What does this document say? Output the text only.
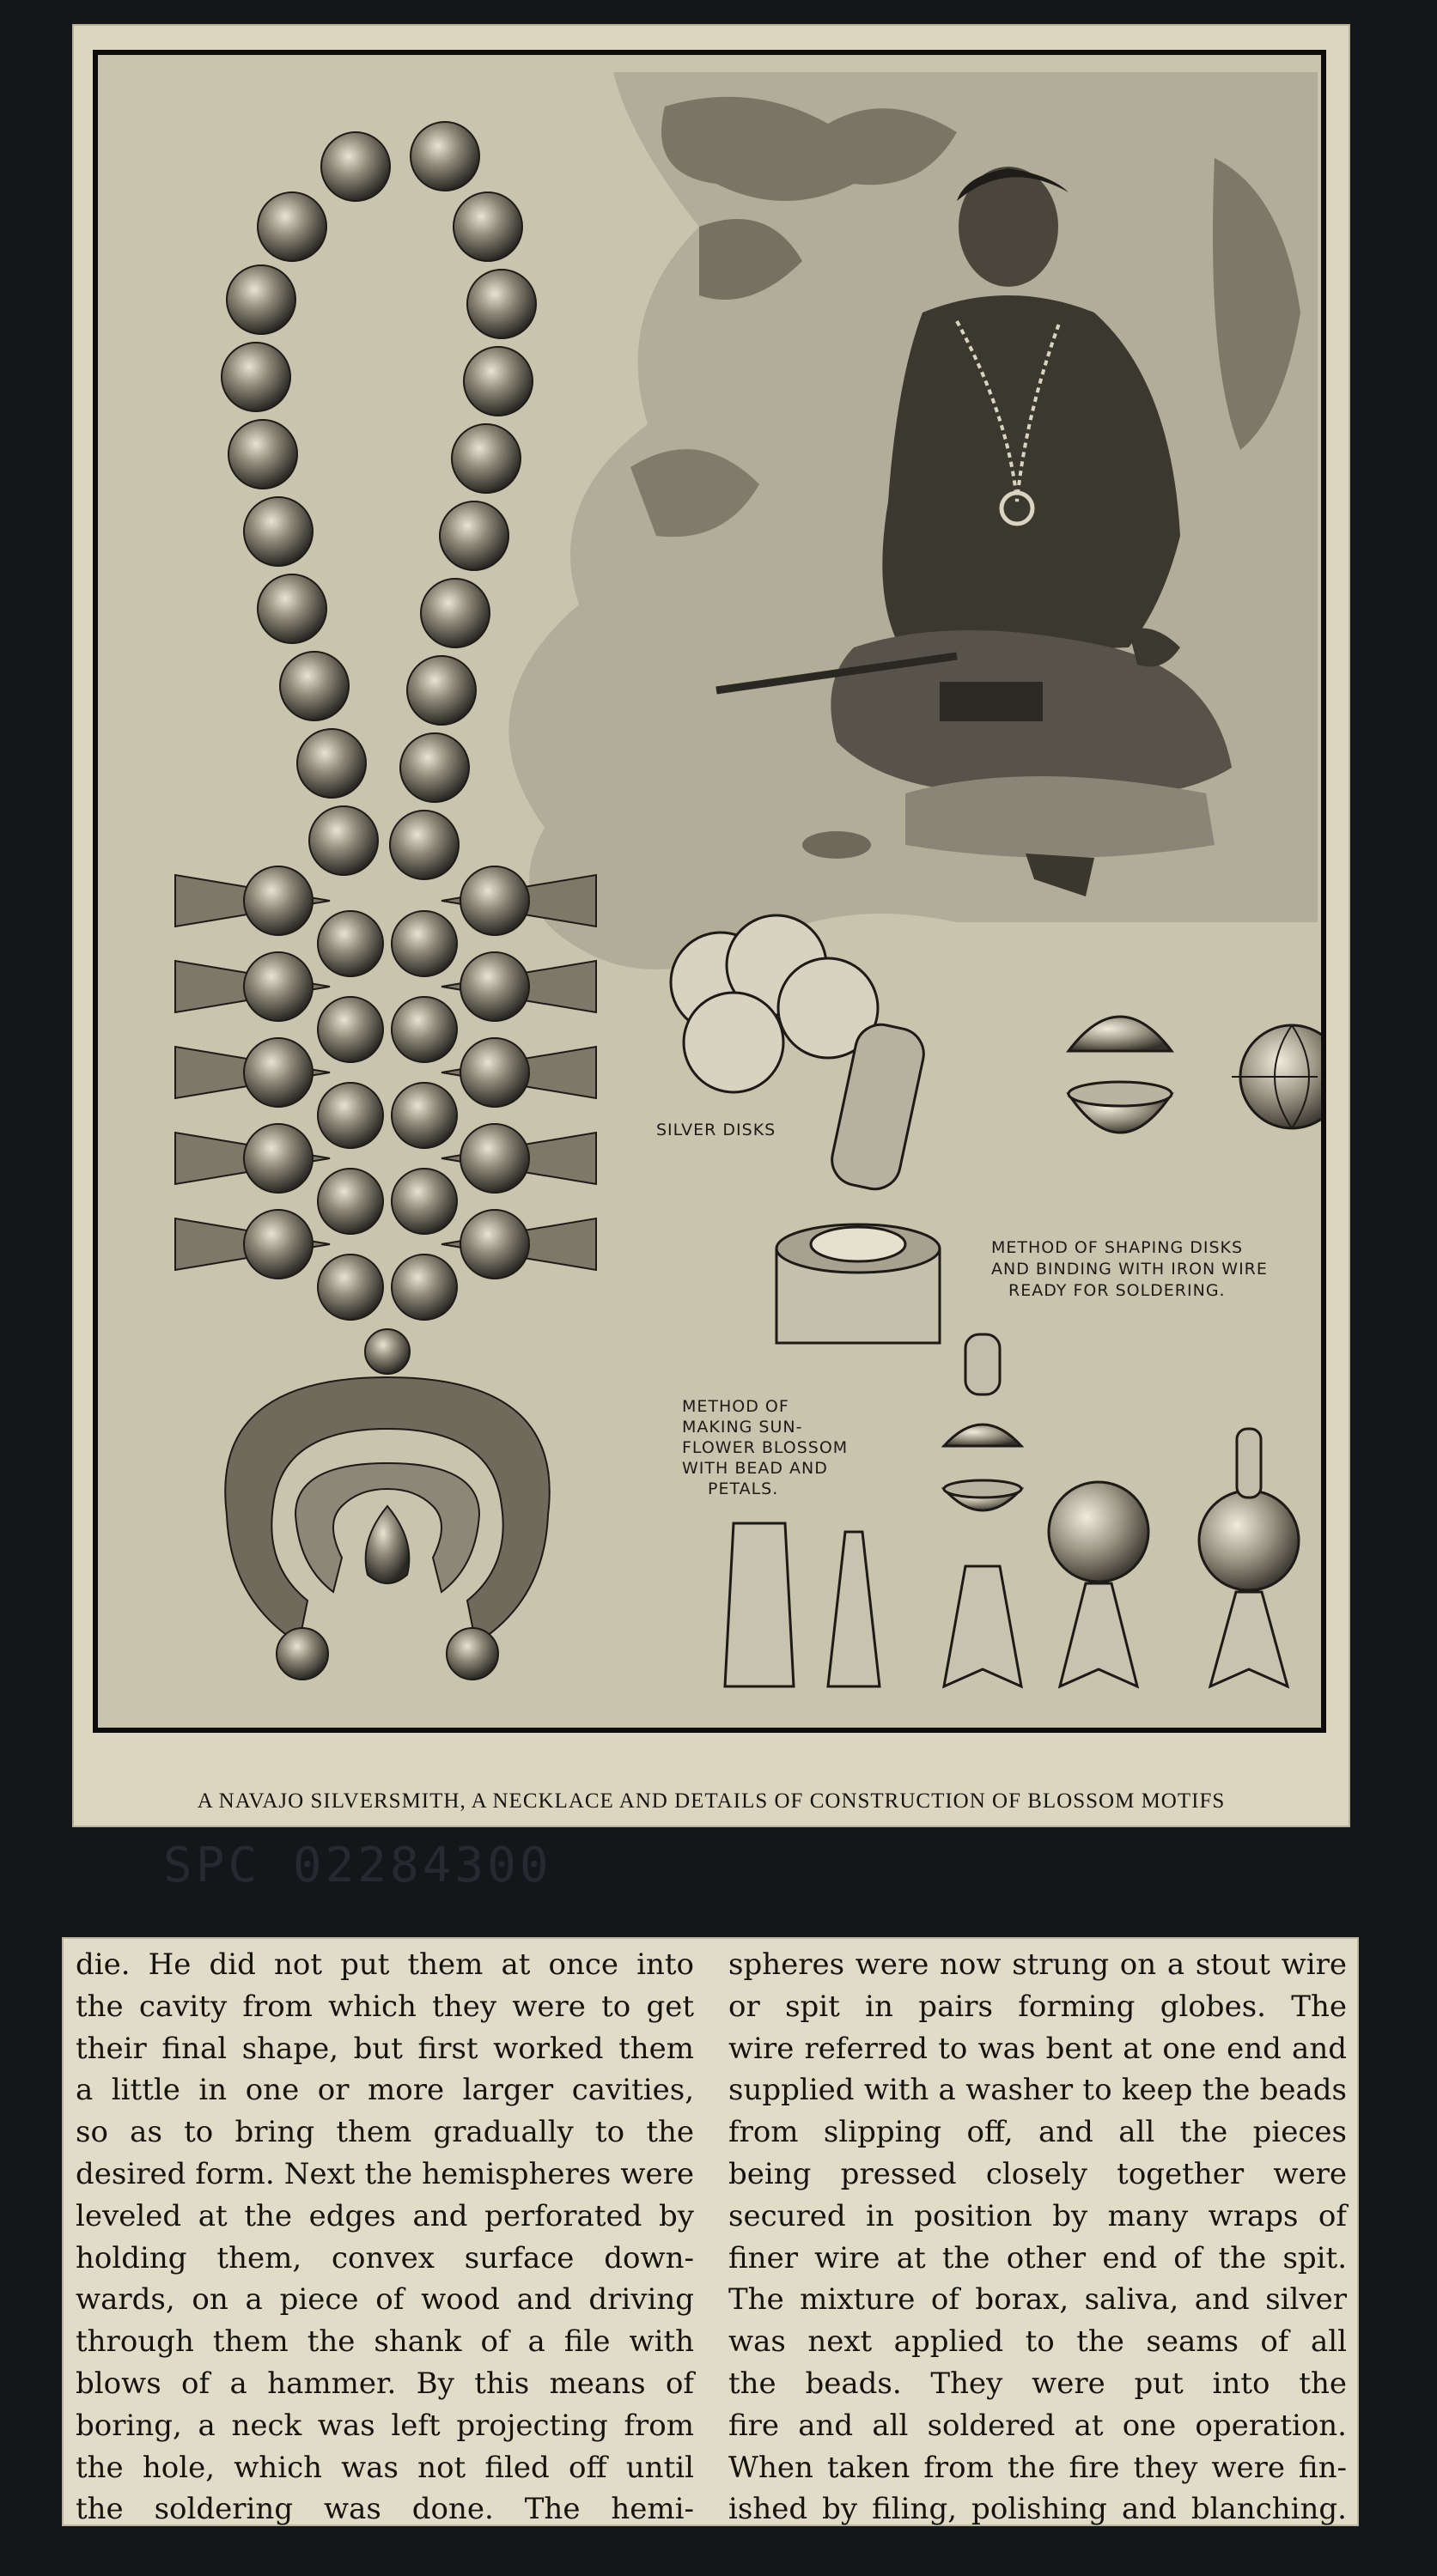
SILVER DISKS
METHOD OF SHAPING DISKS
AND BINDING WITH IRON WIRE
READY FOR SOLDERING.
METHOD OF
MAKING SUN-
FLOWER BLOSSOM
WITH BEAD AND
PETALS.
A NAVAJO SILVERSMITH, A NECKLACE AND DETAILS OF CONSTRUCTION OF BLOSSOM MOTIFS
SPC 02284300
die. He did not put them at once into
the cavity from which they were to get
their final shape, but first worked them
a little in one or more larger cavities,
so as to bring them gradually to the
desired form. Next the hemispheres were
leveled at the edges and perforated by
holding them, convex surface down-
wards, on a piece of wood and driving
through them the shank of a file with
blows of a hammer. By this means of
boring, a neck was left projecting from
the hole, which was not filed off until
the soldering was done. The hemi-
spheres were now strung on a stout wire
or spit in pairs forming globes. The
wire referred to was bent at one end and
supplied with a washer to keep the beads
from slipping off, and all the pieces
being pressed closely together were
secured in position by many wraps of
finer wire at the other end of the spit.
The mixture of borax, saliva, and silver
was next applied to the seams of all
the beads. They were put into the
fire and all soldered at one operation.
When taken from the fire they were fin-
ished by filing, polishing and blanching.
